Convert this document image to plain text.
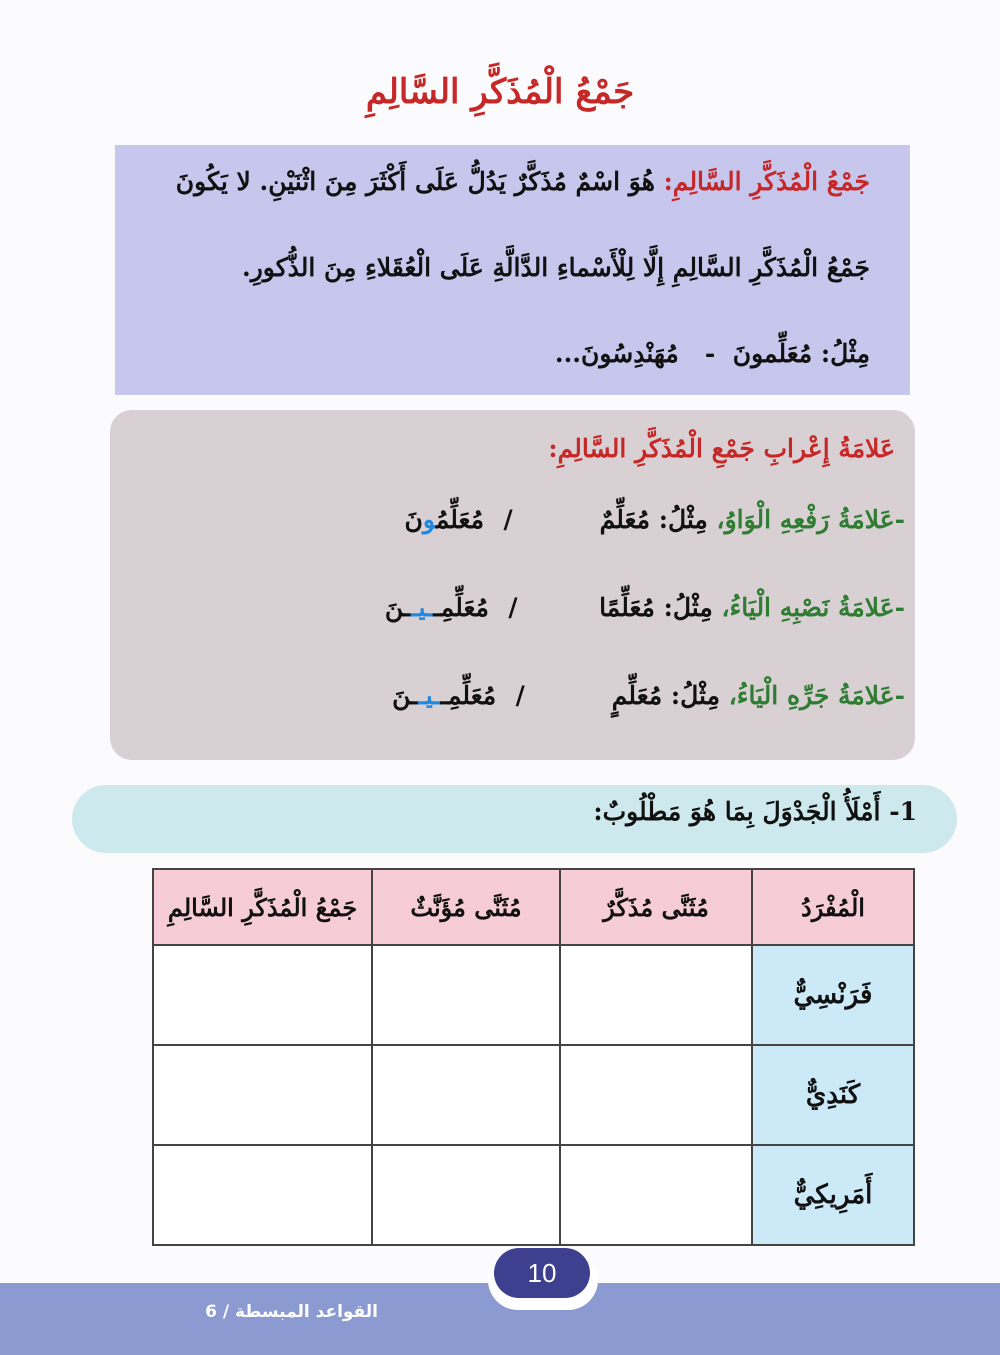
جَمْعُ الْمُذَكَّرِ السَّالِمِ
جَمْعُ الْمُذَكَّرِ السَّالِمِ: هُوَ اسْمٌ مُذَكَّرٌ يَدُلُّ عَلَى أَكْثَرَ مِنَ اثْنَيْنِ. لا يَكُونَ
جَمْعُ الْمُذَكَّرِ السَّالِمِ إِلَّا لِلْأَسْماءِ الدَّالَّةِ عَلَى الْعُقَلاءِ مِنَ الذُّكورِ.
مِثْلُ: مُعَلِّمونَ  -   مُهَنْدِسُونَ...
عَلامَةُ إِعْرابِ جَمْعِ الْمُذَكَّرِ السَّالِمِ:
-عَلامَةُ رَفْعِهِ الْوَاوُ، مِثْلُ: مُعَلِّمٌ/مُعَلِّمُونَ
-عَلامَةُ نَصْبِهِ الْيَاءُ، مِثْلُ: مُعَلِّمًا/مُعَلِّمِــيــنَ
-عَلامَةُ جَرِّهِ الْيَاءُ، مِثْلُ: مُعَلِّمٍ/مُعَلِّمِــيــنَ
1- أَمْلَأُ الْجَدْوَلَ بِمَا هُوَ مَطْلُوبٌ:
الْمُفْرَدُ	مُثَنَّى مُذَكَّرٌ	مُثَنَّى مُؤَنَّثٌ	جَمْعُ الْمُذَكَّرِ السَّالِمِ
فَرَنْسِيٌّ			
كَنَدِيٌّ			
أَمَرِيكِيٌّ			
10
القواعد المبسطة / 6
